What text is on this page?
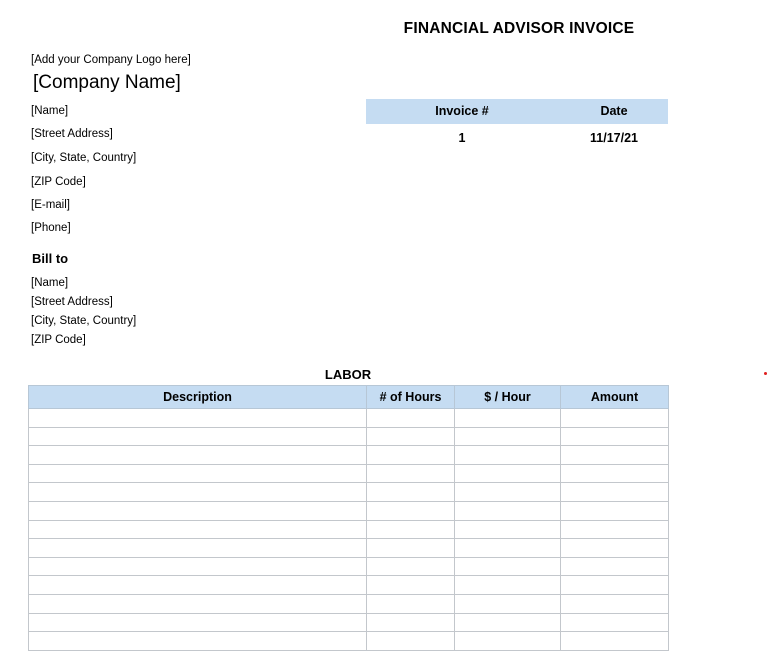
FINANCIAL ADVISOR INVOICE
[Add your Company Logo here]
[Company Name]
[Name]
[Street Address]
[City, State, Country]
[ZIP Code]
[E-mail]
[Phone]
Bill to
[Name]
[Street Address]
[City, State, Country]
[ZIP Code]
Invoice #	Date
1	11/17/21
LABOR
Description	# of Hours	$ / Hour	Amount
